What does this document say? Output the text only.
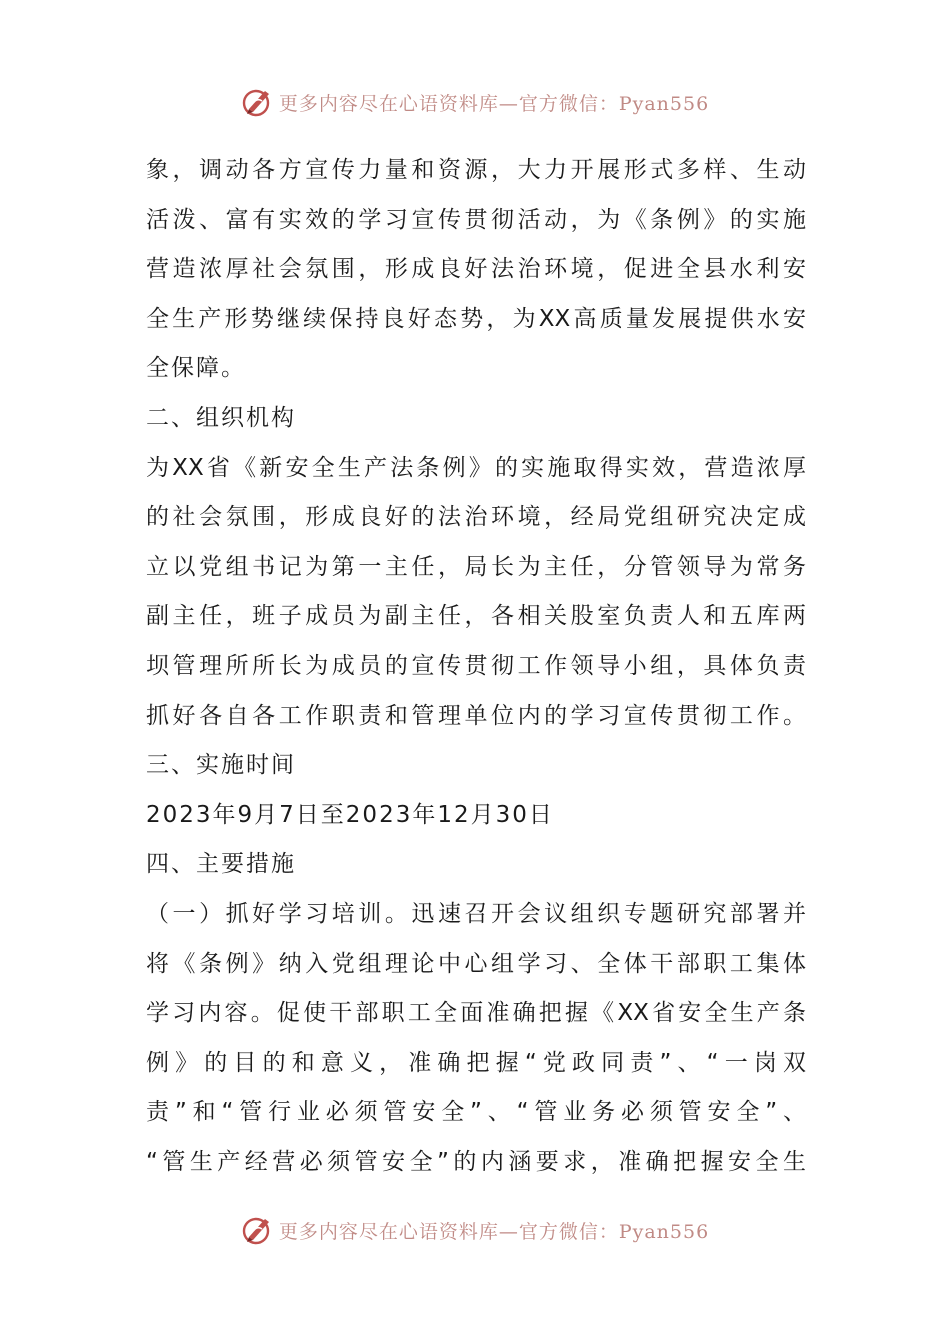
更多内容尽在心语资料库—官方微信：Pyan556
象，调动各方宣传力量和资源，大力开展形式多样、生动
活泼、富有实效的学习宣传贯彻活动，为《条例》的实施
营造浓厚社会氛围，形成良好法治环境，促进全县水利安
全生产形势继续保持良好态势，为XX高质量发展提供水安
全保障。
二、组织机构
为XX省《新安全生产法条例》的实施取得实效，营造浓厚
的社会氛围，形成良好的法治环境，经局党组研究决定成
立以党组书记为第一主任，局长为主任，分管领导为常务
副主任，班子成员为副主任，各相关股室负责人和五库两
坝管理所所长为成员的宣传贯彻工作领导小组，具体负责
抓好各自各工作职责和管理单位内的学习宣传贯彻工作。
三、实施时间
2023年9月7日至2023年12月30日
四、主要措施
（一）抓好学习培训。迅速召开会议组织专题研究部署并
将《条例》纳入党组理论中心组学习、全体干部职工集体
学习内容。促使干部职工全面准确把握《XX省安全生产条
例》的目的和意义，准确把握“党政同责”、“一岗双
责”和“管行业必须管安全”、“管业务必须管安全”、
“管生产经营必须管安全”的内涵要求，准确把握安全生
更多内容尽在心语资料库—官方微信：Pyan556
